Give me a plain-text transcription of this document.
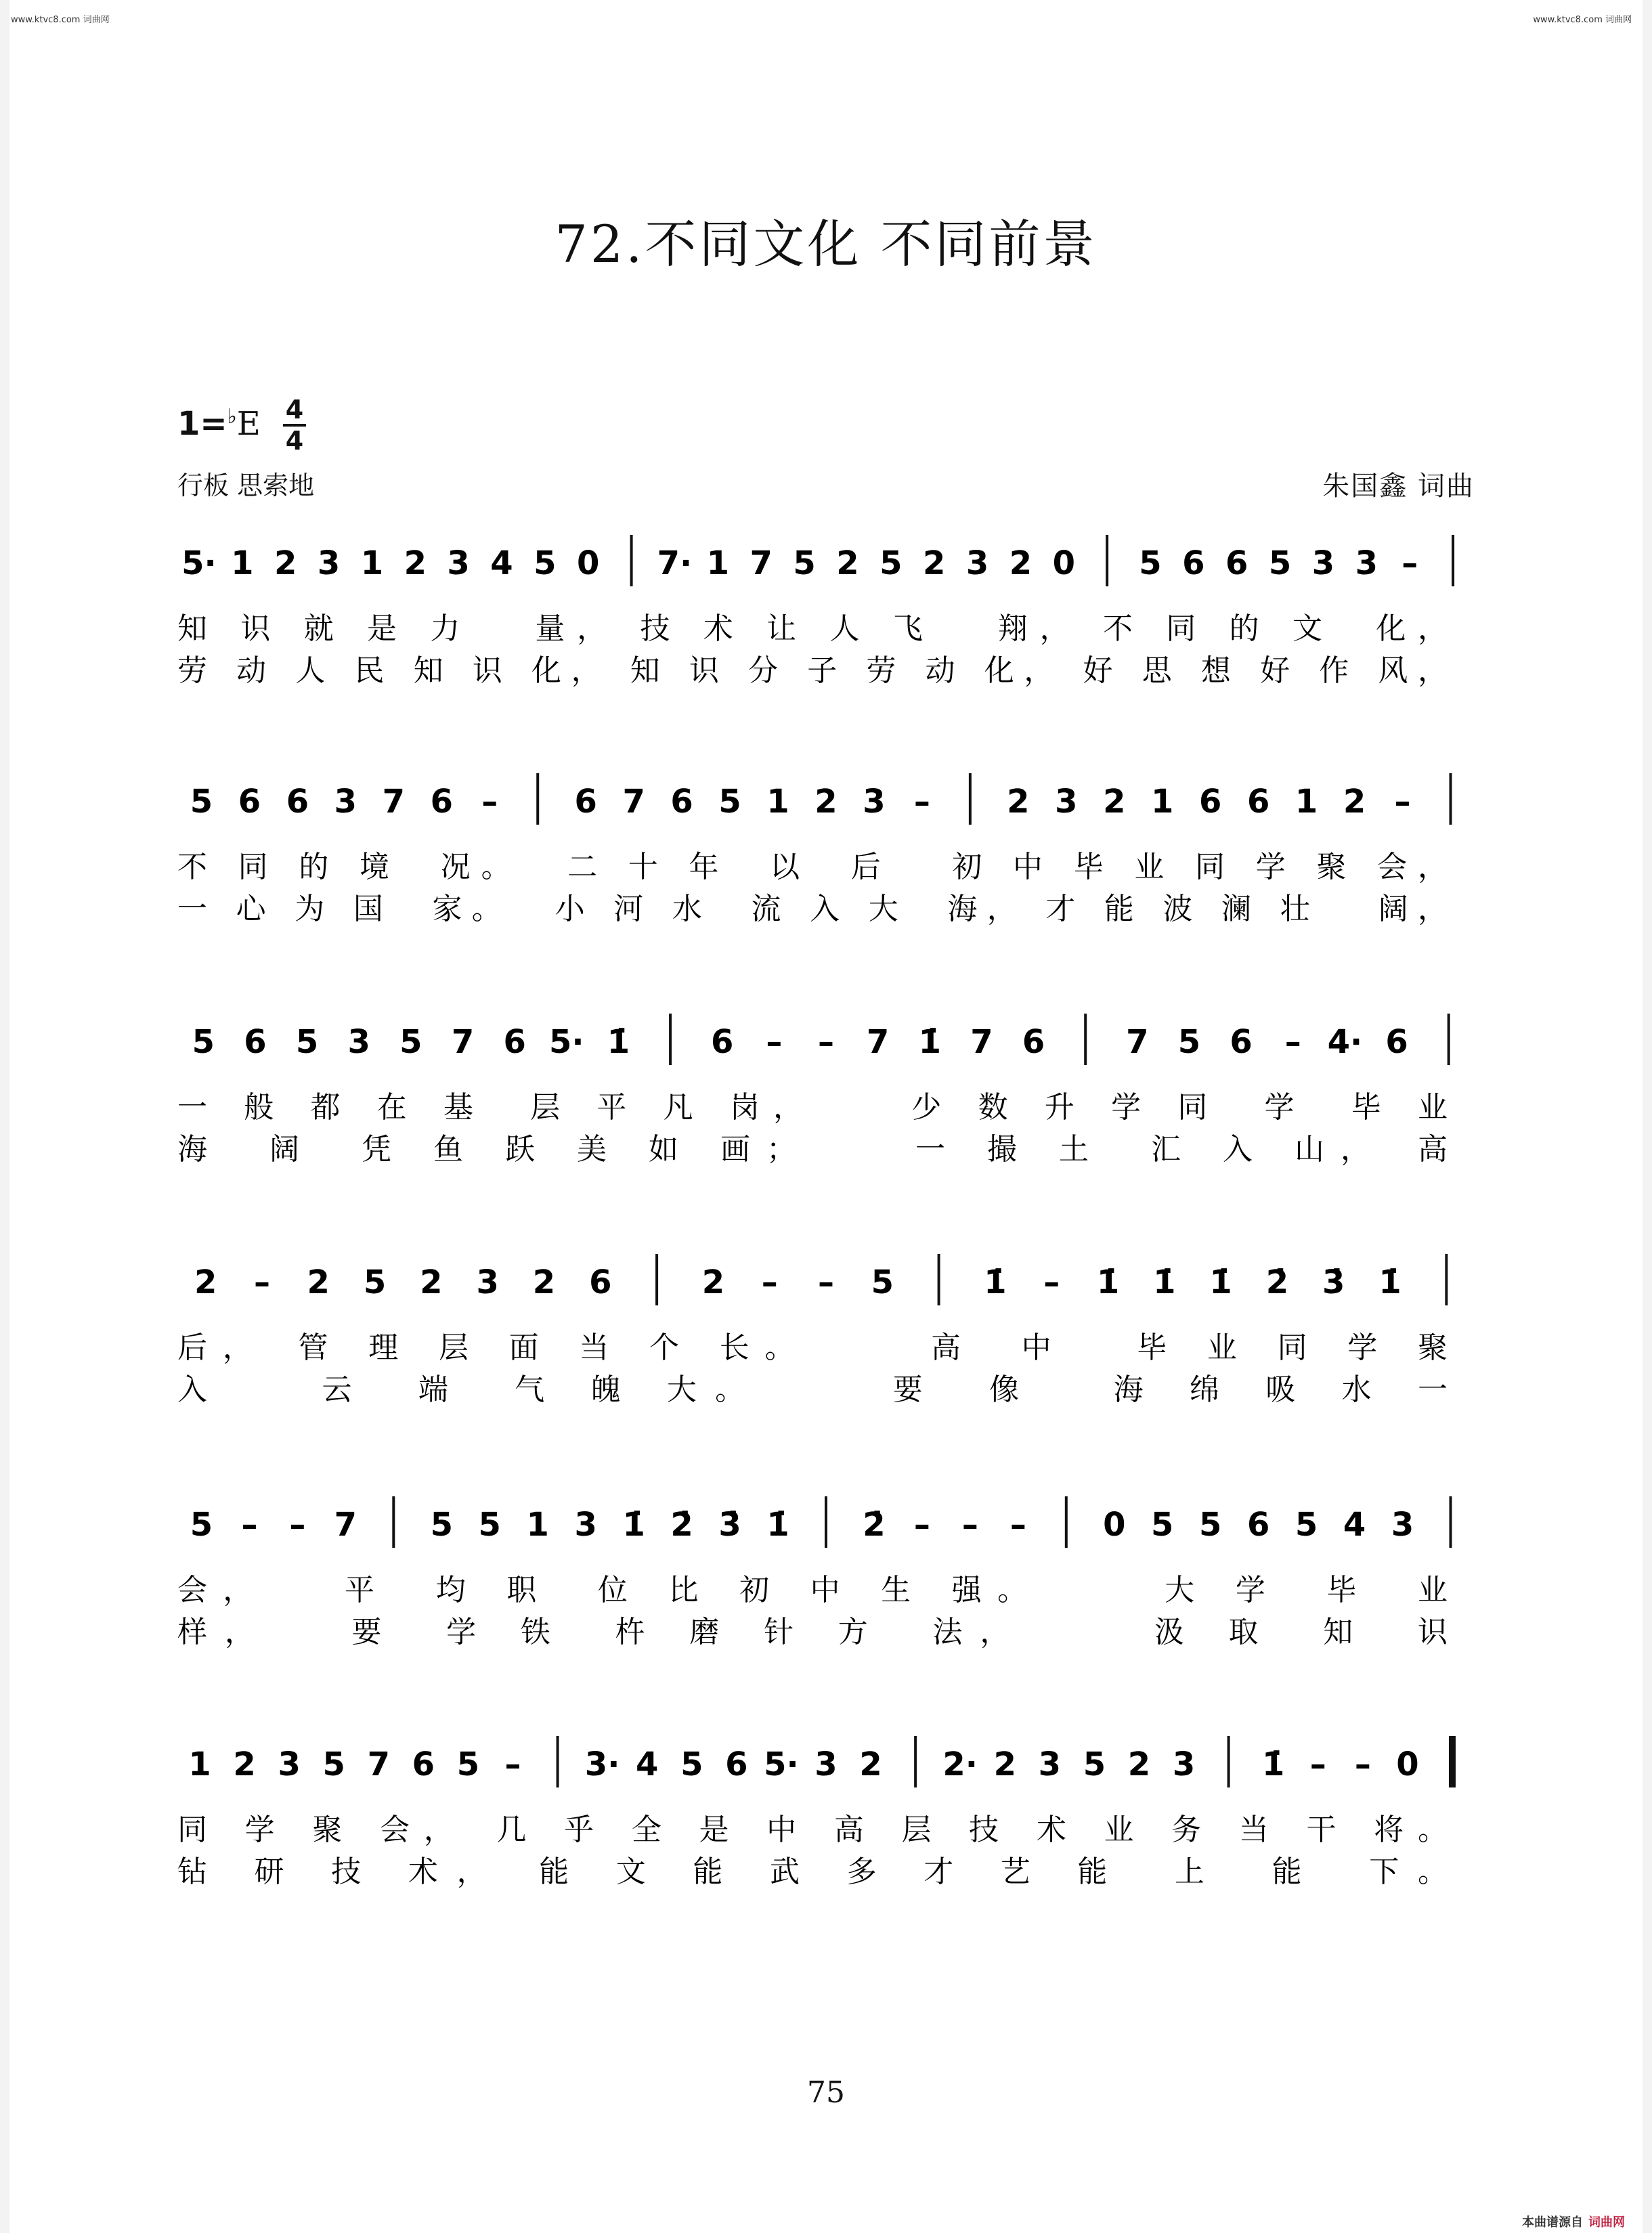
www.ktvc8.com 词曲网	www.ktvc8.com 词曲网
72.不同文化 不同前景
1=♭E 4
4
行板 思索地	朱国鑫 词曲
5· 1 2 3 1 2 3 4 5 0 7· 1 7 5 2 5 2 3 2 0 5 6 6 5 3 3 –
知 识 就 是 力　 量， 技 术 让 人 飞　 翔， 不 同 的 文　化，
劳 动 人 民 知 识 化， 知 识 分 子 劳 动 化， 好 思 想 好 作 风，
5 6 6 3 7 6 – 6 7 6 5 1 2 3 – 2 3 2 1 6 6 1 2 –
不 同 的 境　况。　 二 十 年　以　后　 初 中 毕 业 同 学 聚 会，
一 心 为 国　家。　 小 河 水　流 入 大　海， 才 能 波 澜 壮　 阔，
5 6 5 3 5 7 6 5· 1̇ 6 – – 7 1̇ 7 6 7 5 6 – 4· 6
一 般 都 在 基　层 平 凡 岗，　　 少 数 升 学 同　学　毕 业
海　阔　凭 鱼 跃 美 如 画；　　 一 撮 土　汇 入 山，　高
2 – 2 5 2 3 2 6	2 – – 5	1̇ – 1̇ 1̇ 1̇ 2̇ 3̇ 1̇
后，　管 理 层 面 当 个 长。　　　高　中　 毕 业 同 学 聚
入　　云　端　气 魄 大。　　　要　像　 海 绵 吸 水 一
5 – – 7 5 5 1 3 1̇ 2̇ 3̇ 1̇ 2̇ – – – 0 5 5 6 5 4 3
会，　　平　均 职　位 比 初 中 生 强。　　　大 学　毕　业
样，　　要　学 铁　杵 磨 针 方　法，　　　汲 取　知　识
1 2 3 5 7 6 5 – 3· 4 5 6 5· 3 2 2· 2 3 5 2 3 1̇ – – 0
同 学 聚 会，　几 乎 全 是 中 高 层 技 术 业 务 当 干 将。
钻 研 技 术，　能 文 能 武 多 才 艺 能　上　能　下。
75
本曲谱源自 词曲网
